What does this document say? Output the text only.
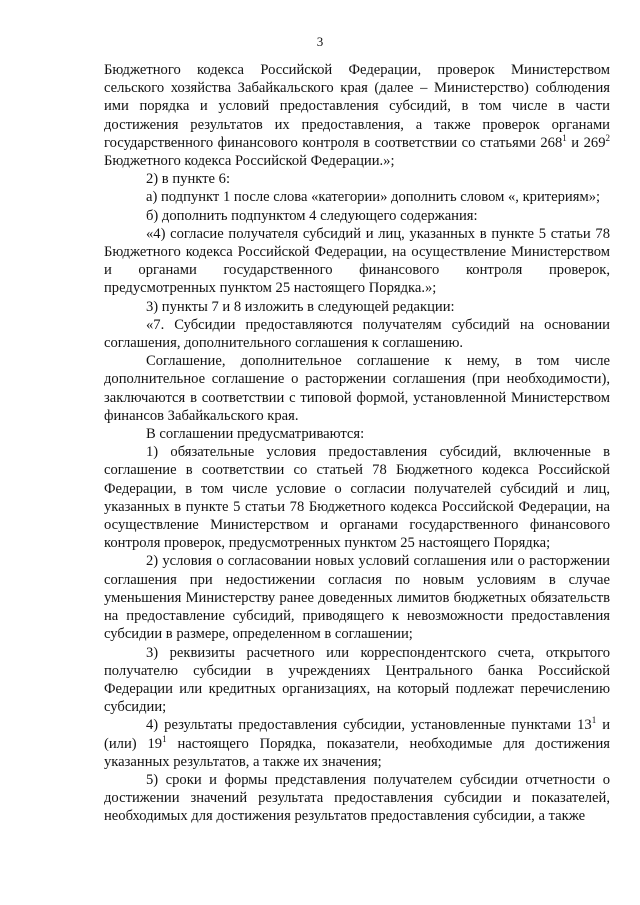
3

Бюджетного кодекса Российской Федерации, проверок Министерством сельского хозяйства Забайкальского края (далее – Министерство) соблюдения ими порядка и условий предоставления субсидий, в том числе в части достижения результатов их предоставления, а также проверок органами государственного финансового контроля в соответствии со статьями $268^1$ и $269^2$ Бюджетного кодекса Российской Федерации.»;

2) в пункте 6:

а) подпункт 1 после слова «категории» дополнить словом «, критериям»;

б) дополнить подпунктом 4 следующего содержания:

«4) согласие получателя субсидий и лиц, указанных в пункте 5 статьи 78 Бюджетного кодекса Российской Федерации, на осуществление Министерством и органами государственного финансового контроля проверок, предусмотренных пунктом 25 настоящего Порядка.»;

3) пункты 7 и 8 изложить в следующей редакции:

«7. Субсидии предоставляются получателям субсидий на основании соглашения, дополнительного соглашения к соглашению.

Соглашение, дополнительное соглашение к нему, в том числе дополнительное соглашение о расторжении соглашения (при необходимости), заключаются в соответствии с типовой формой, установленной Министерством финансов Забайкальского края.

В соглашении предусматриваются:

1) обязательные условия предоставления субсидий, включенные в соглашение в соответствии со статьей 78 Бюджетного кодекса Российской Федерации, в том числе условие о согласии получателей субсидий и лиц, указанных в пункте 5 статьи 78 Бюджетного кодекса Российской Федерации, на осуществление Министерством и органами государственного финансового контроля проверок, предусмотренных пунктом 25 настоящего Порядка;

2) условия о согласовании новых условий соглашения или о расторжении соглашения при недостижении согласия по новым условиям в случае уменьшения Министерству ранее доведенных лимитов бюджетных обязательств на предоставление субсидий, приводящего к невозможности предоставления субсидии в размере, определенном в соглашении;

3) реквизиты расчетного или корреспондентского счета, открытого получателю субсидии в учреждениях Центрального банка Российской Федерации или кредитных организациях, на который подлежат перечислению субсидии;

4) результаты предоставления субсидии, установленные пунктами $13^1$ и (или) $19^1$ настоящего Порядка, показатели, необходимые для достижения указанных результатов, а также их значения;

5) сроки и формы представления получателем субсидии отчетности о достижении значений результата предоставления субсидии и показателей, необходимых для достижения результатов предоставления субсидии, а также
